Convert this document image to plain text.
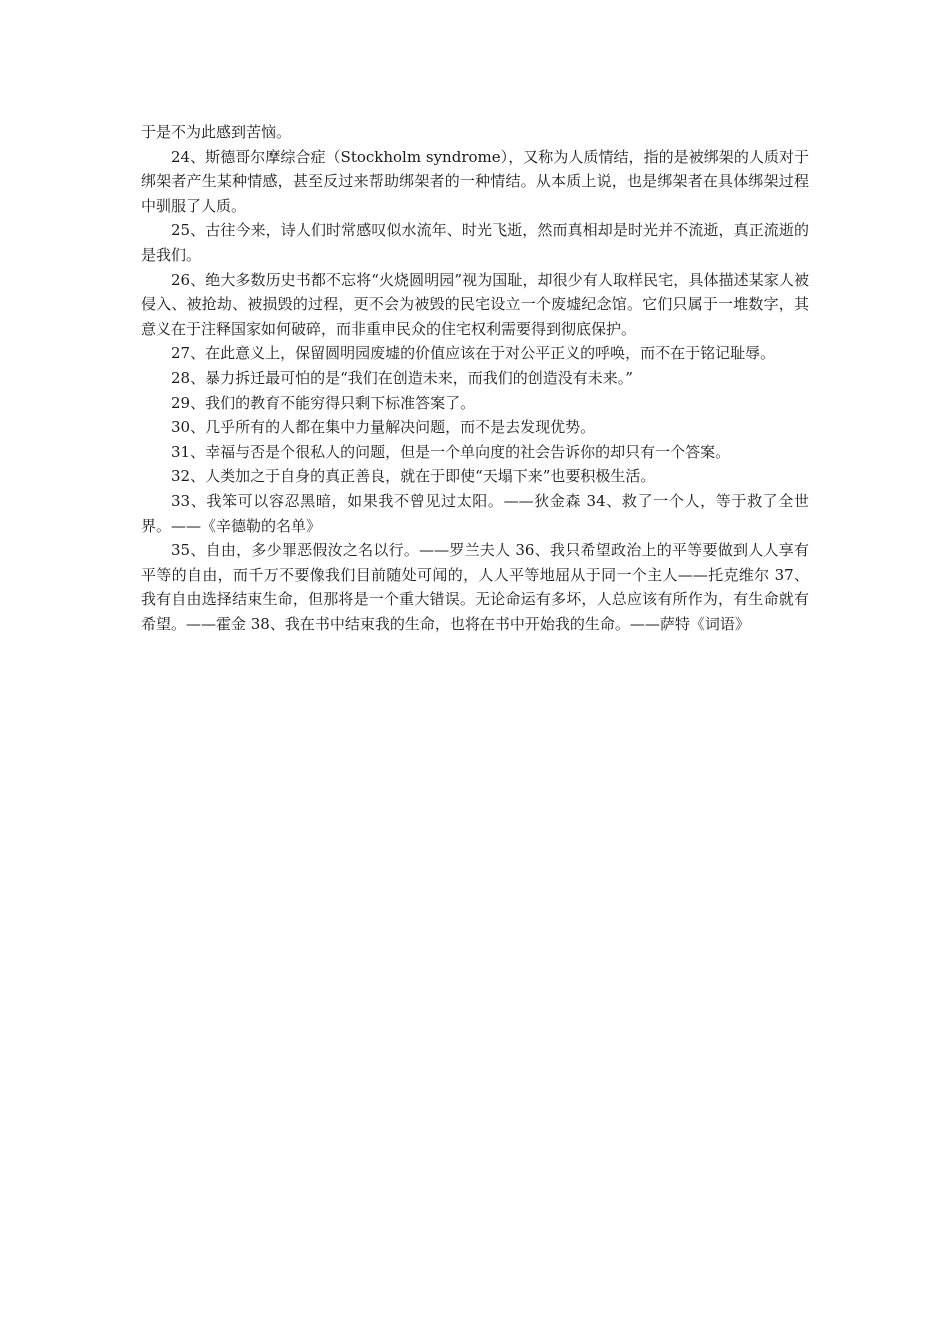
于是不为此感到苦恼。

24、斯德哥尔摩综合症（Stockholm syndrome），又称为人质情结，指的是被绑架的人质对于绑架者产生某种情感，甚至反过来帮助绑架者的一种情结。从本质上说，也是绑架者在具体绑架过程中驯服了人质。

25、古往今来，诗人们时常感叹似水流年、时光飞逝，然而真相却是时光并不流逝，真正流逝的是我们。

26、绝大多数历史书都不忘将“火烧圆明园”视为国耻，却很少有人取样民宅，具体描述某家人被侵入、被抢劫、被损毁的过程，更不会为被毁的民宅设立一个废墟纪念馆。它们只属于一堆数字，其意义在于注释国家如何破碎，而非重申民众的住宅权利需要得到彻底保护。

27、在此意义上，保留圆明园废墟的价值应该在于对公平正义的呼唤，而不在于铭记耻辱。

28、暴力拆迁最可怕的是“我们在创造未来，而我们的创造没有未来。”

29、我们的教育不能穷得只剩下标准答案了。

30、几乎所有的人都在集中力量解决问题，而不是去发现优势。

31、幸福与否是个很私人的问题，但是一个单向度的社会告诉你的却只有一个答案。

32、人类加之于自身的真正善良，就在于即使“天塌下来”也要积极生活。

33、我笨可以容忍黑暗，如果我不曾见过太阳。——狄金森 34、救了一个人，等于救了全世界。——《辛德勒的名单》

35、自由，多少罪恶假汝之名以行。——罗兰夫人 36、我只希望政治上的平等要做到人人享有平等的自由，而千万不要像我们目前随处可闻的，人人平等地屈从于同一个主人——托克维尔 37、我有自由选择结束生命，但那将是一个重大错误。无论命运有多坏，人总应该有所作为，有生命就有希望。——霍金 38、我在书中结束我的生命，也将在书中开始我的生命。——萨特《词语》
